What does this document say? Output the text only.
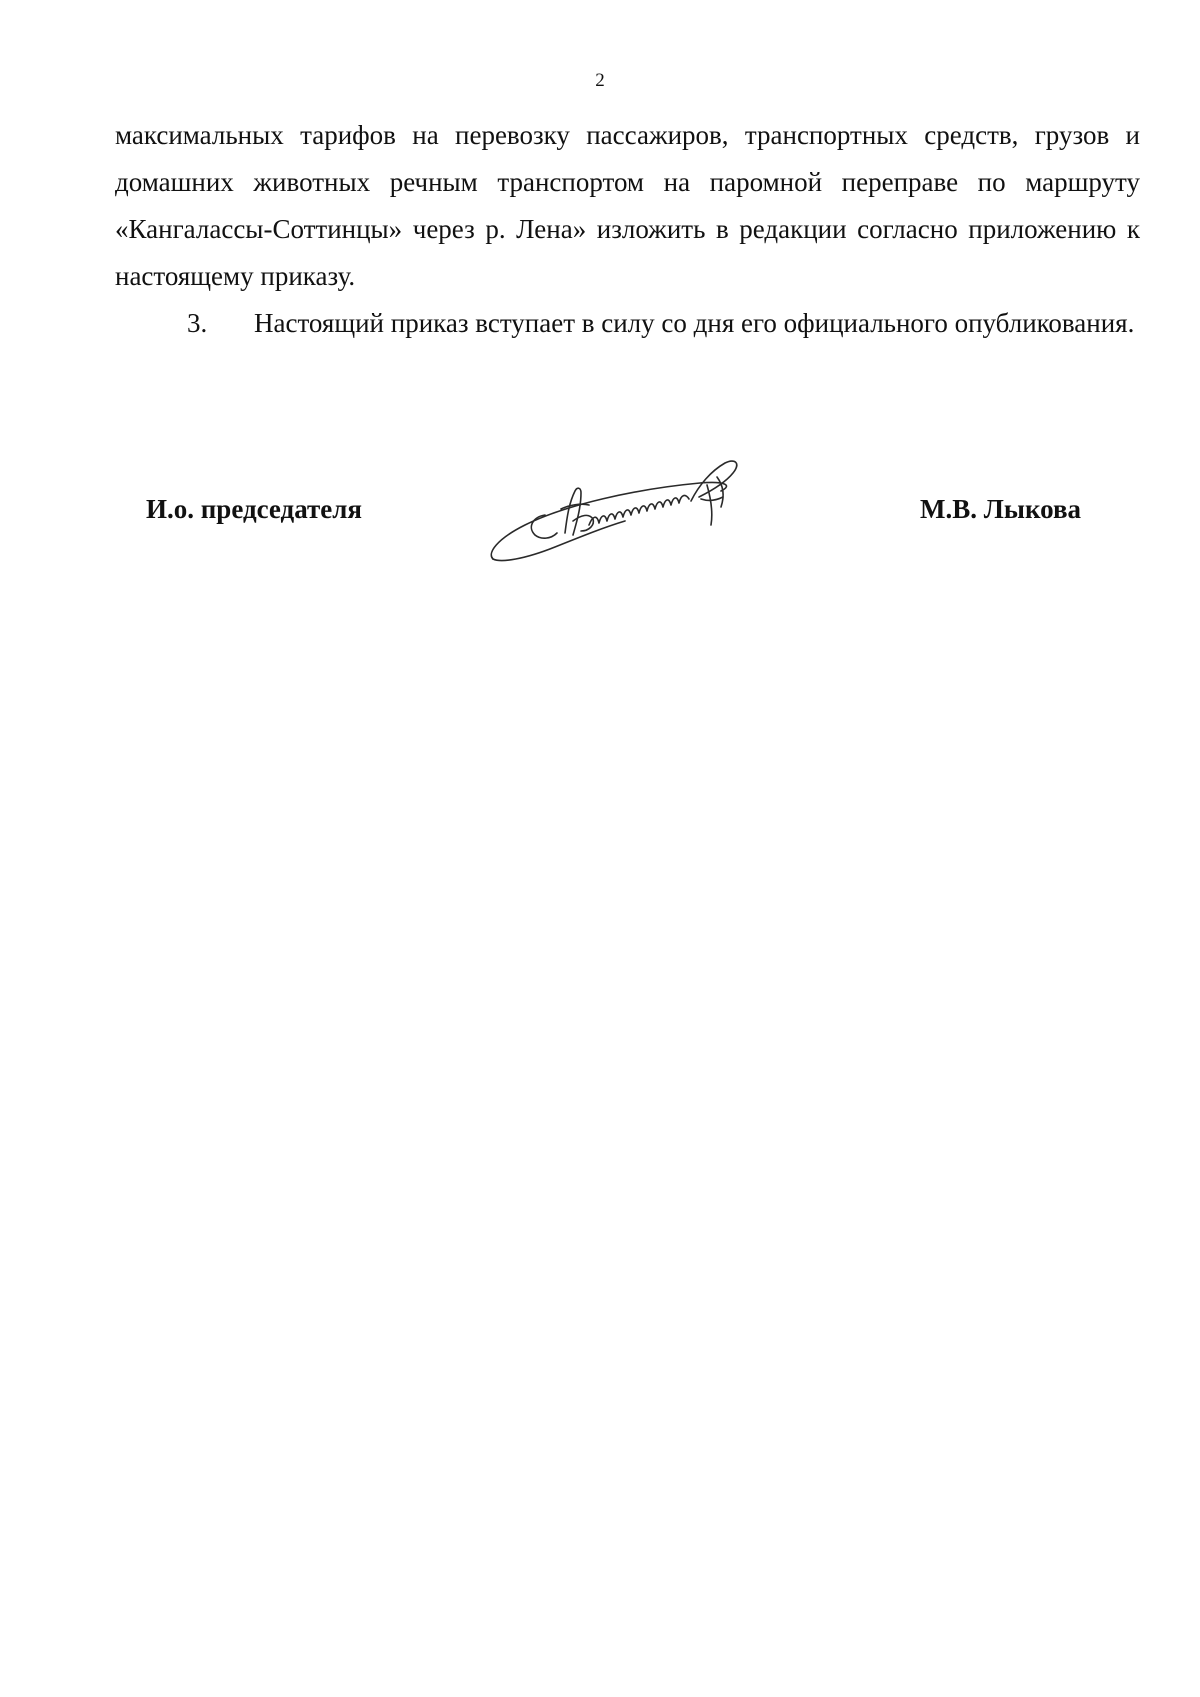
2

максимальных тарифов на перевозку пассажиров, транспортных средств, грузов и домашних животных речным транспортом на паромной переправе по маршруту «Кангалассы-Соттинцы» через р. Лена» изложить в редакции согласно приложению к настоящему приказу.

3. Настоящий приказ вступает в силу со дня его официального опубликования.

И.о. председателя	М.В. Лыкова
